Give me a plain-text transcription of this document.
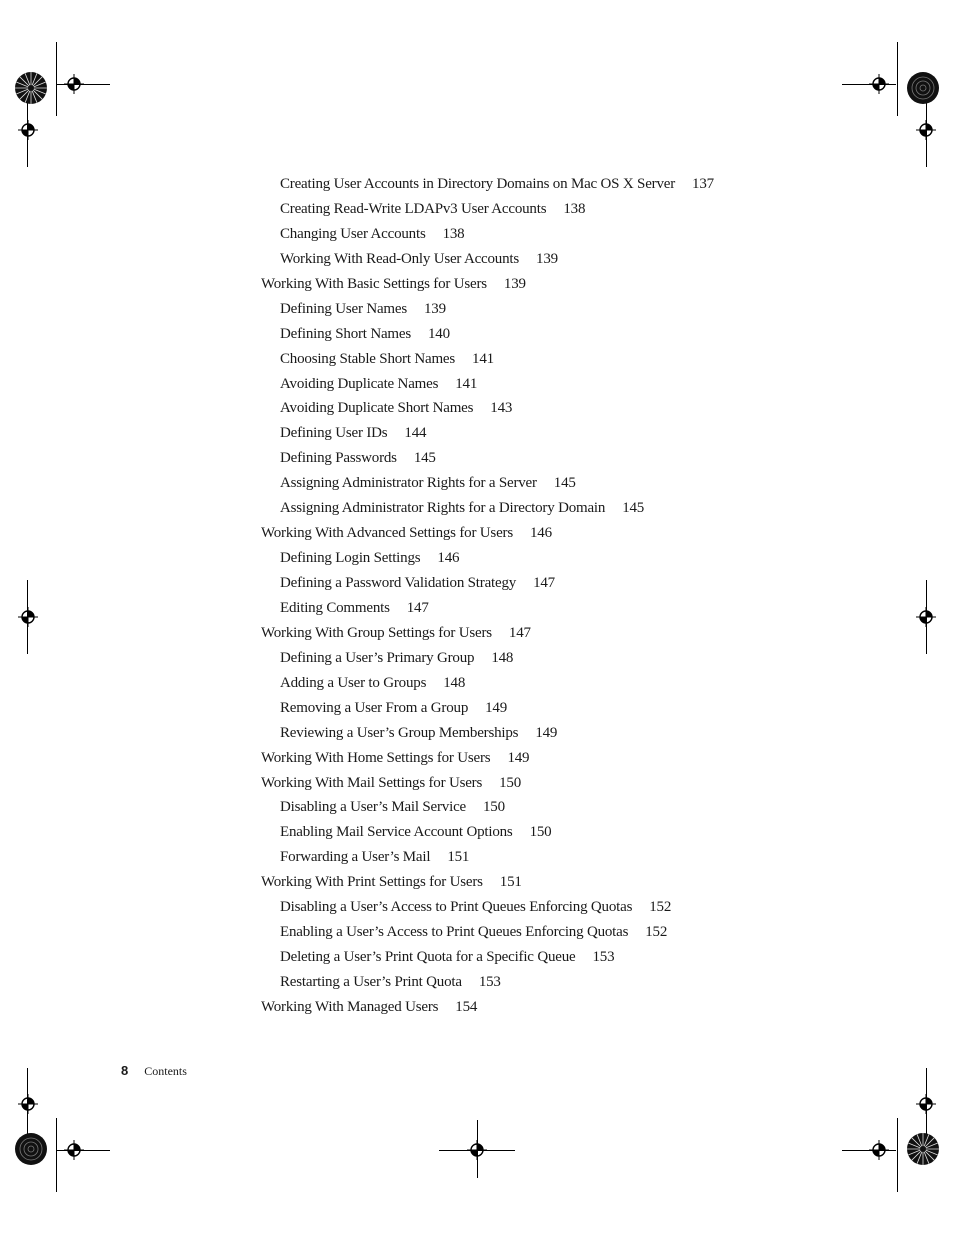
Creating User Accounts in Directory Domains on Mac OS X Server 137
Creating Read-Write LDAPv3 User Accounts 138
Changing User Accounts 138
Working With Read-Only User Accounts 139
Working With Basic Settings for Users 139
Defining User Names 139
Defining Short Names 140
Choosing Stable Short Names 141
Avoiding Duplicate Names 141
Avoiding Duplicate Short Names 143
Defining User IDs 144
Defining Passwords 145
Assigning Administrator Rights for a Server 145
Assigning Administrator Rights for a Directory Domain 145
Working With Advanced Settings for Users 146
Defining Login Settings 146
Defining a Password Validation Strategy 147
Editing Comments 147
Working With Group Settings for Users 147
Defining a User’s Primary Group 148
Adding a User to Groups 148
Removing a User From a Group 149
Reviewing a User’s Group Memberships 149
Working With Home Settings for Users 149
Working With Mail Settings for Users 150
Disabling a User’s Mail Service 150
Enabling Mail Service Account Options 150
Forwarding a User’s Mail 151
Working With Print Settings for Users 151
Disabling a User’s Access to Print Queues Enforcing Quotas 152
Enabling a User’s Access to Print Queues Enforcing Quotas 152
Deleting a User’s Print Quota for a Specific Queue 153
Restarting a User’s Print Quota 153
Working With Managed Users 154
8 Contents
